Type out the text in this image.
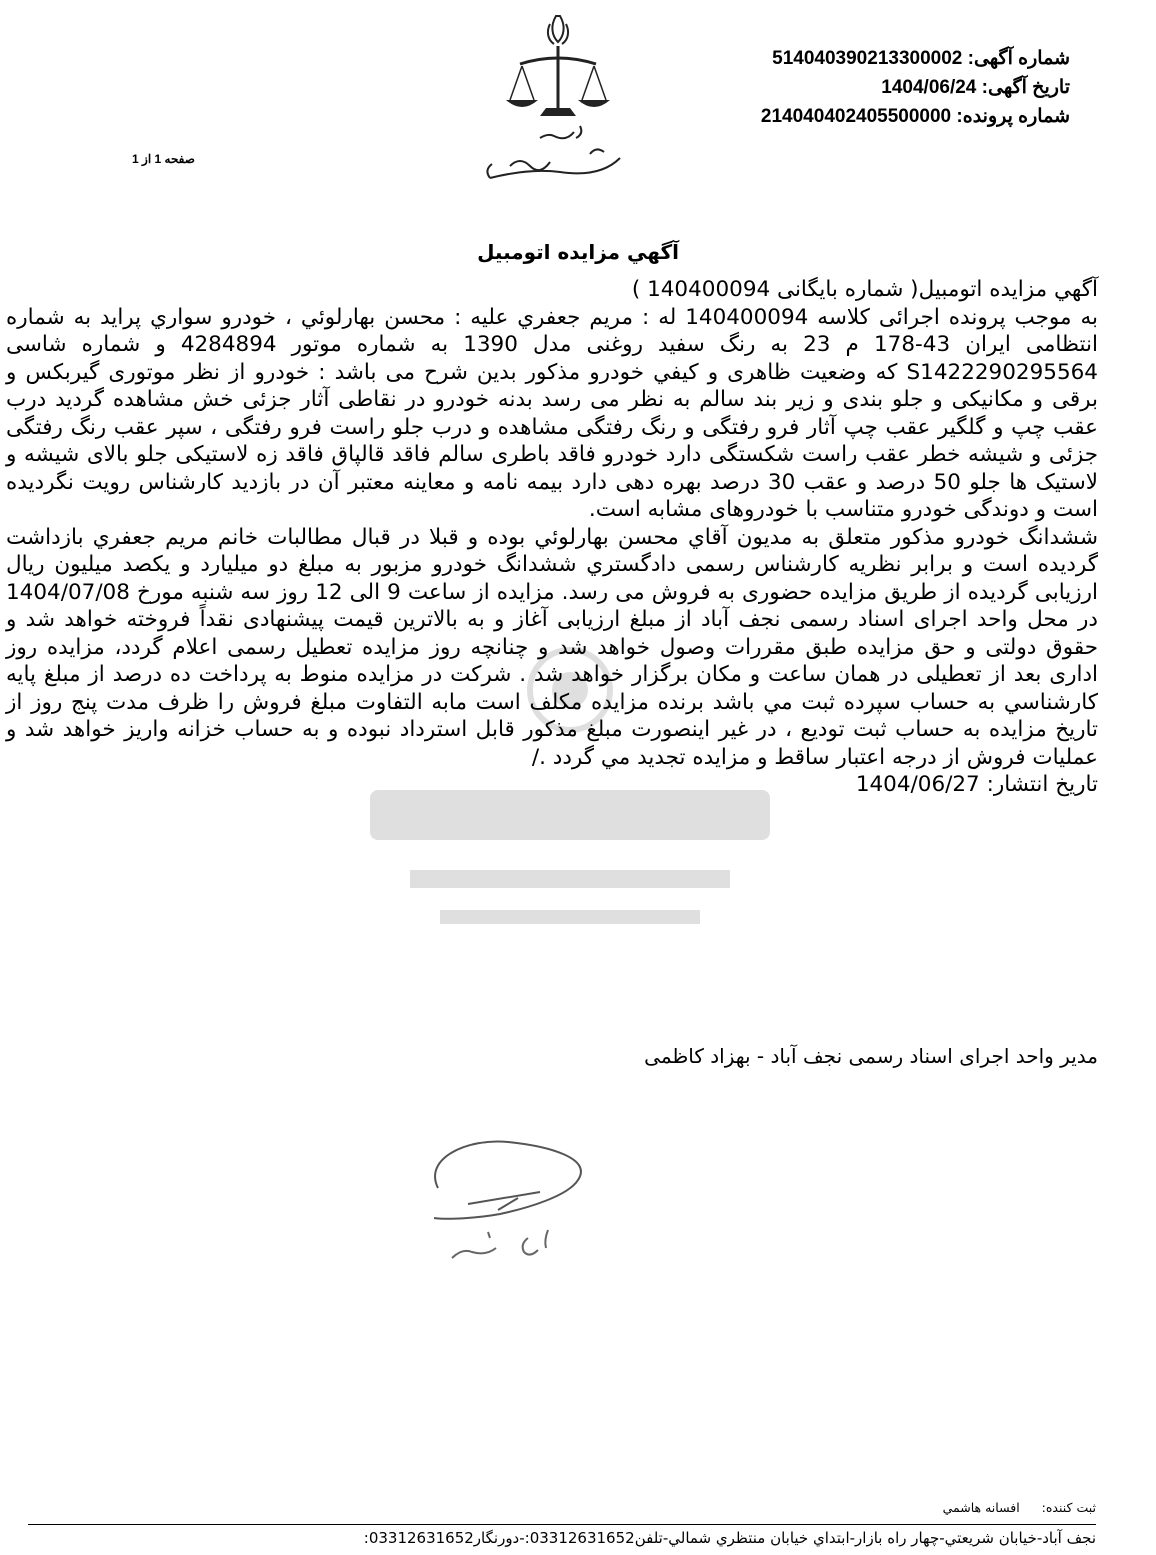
شماره آگهی: 14040390213300002‏5
تاریخ آگهی: 1404/06/24
شماره پرونده: 14040402405500000‏2
صفحه 1 از 1
آگهي مزايده اتومبيل

آگهي مزايده اتومبيل( شماره بايگانی 140400094 )

به موجب پرونده اجرائی کلاسه 140400094 له : مريم جعفري عليه : محسن بهارلوئي ، خودرو سواري پرايد به شماره انتظامی ايران 43-178 م 23 به رنگ سفيد روغنی مدل 1390 به شماره موتور 4284894 و شماره شاسی S1422290295564 که وضعيت ظاهری و کيفي خودرو مذکور بدين شرح می باشد : خودرو از نظر موتوری گيربکس و برقی و مکانيکی و جلو بندی و زير بند سالم به نظر می رسد بدنه خودرو در نقاطی آثار جزئی خش مشاهده گرديد درب عقب چپ و گلگير عقب چپ آثار فرو رفتگی و رنگ رفتگی مشاهده و درب جلو راست فرو رفتگی ، سپر عقب رنگ رفتگی جزئی و شيشه خطر عقب راست شکستگی دارد خودرو فاقد باطری سالم فاقد قالپاق فاقد زه لاستيکی جلو بالای شيشه و لاستيک ها جلو 50 درصد و عقب 30 درصد بهره دهی دارد بيمه نامه و معاينه معتبر آن در بازديد کارشناس رويت نگرديده است و دوندگی خودرو متناسب با خودروهای مشابه است.

ششدانگ خودرو مذکور متعلق به مديون آقاي محسن بهارلوئي بوده و قبلا در قبال مطالبات خانم مريم جعفري بازداشت گرديده است و برابر نظريه کارشناس رسمی دادگستري ششدانگ خودرو مزبور به مبلغ دو ميليارد و يکصد ميليون ريال ارزيابی گرديده از طريق مزايده حضوری به فروش می رسد. مزايده از ساعت 9 الی 12 روز سه شنبه مورخ 1404/07/08 در محل واحد اجرای اسناد رسمی نجف آباد از مبلغ ارزيابی آغاز و به بالاترين قيمت پيشنهادی نقداً فروخته خواهد شد و حقوق دولتی و حق مزايده طبق مقررات وصول خواهد شد و چنانچه روز مزايده تعطيل رسمی اعلام گردد، مزايده روز اداری بعد از تعطيلی در همان ساعت و مکان برگزار خواهد شد . شرکت در مزايده منوط به پرداخت ده درصد از مبلغ پايه کارشناسي به حساب سپرده ثبت مي باشد برنده مزايده مکلف است مابه التفاوت مبلغ فروش را ظرف مدت پنج روز از تاريخ مزايده به حساب ثبت توديع ، در غير اينصورت مبلغ مذکور قابل استرداد نبوده و به حساب خزانه واريز خواهد شد و عمليات فروش از درجه اعتبار ساقط و مزايده تجديد مي گردد ./

تاريخ انتشار: 1404/06/27
مدير واحد اجرای اسناد رسمی نجف آباد - بهزاد کاظمی
ثبت کننده: افسانه هاشمي
نجف آباد-خيابان شريعتي-چهار راه بازار-ابتداي خيابان منتظري شمالي-تلفن03312631652:-دورنگار03312631652:
